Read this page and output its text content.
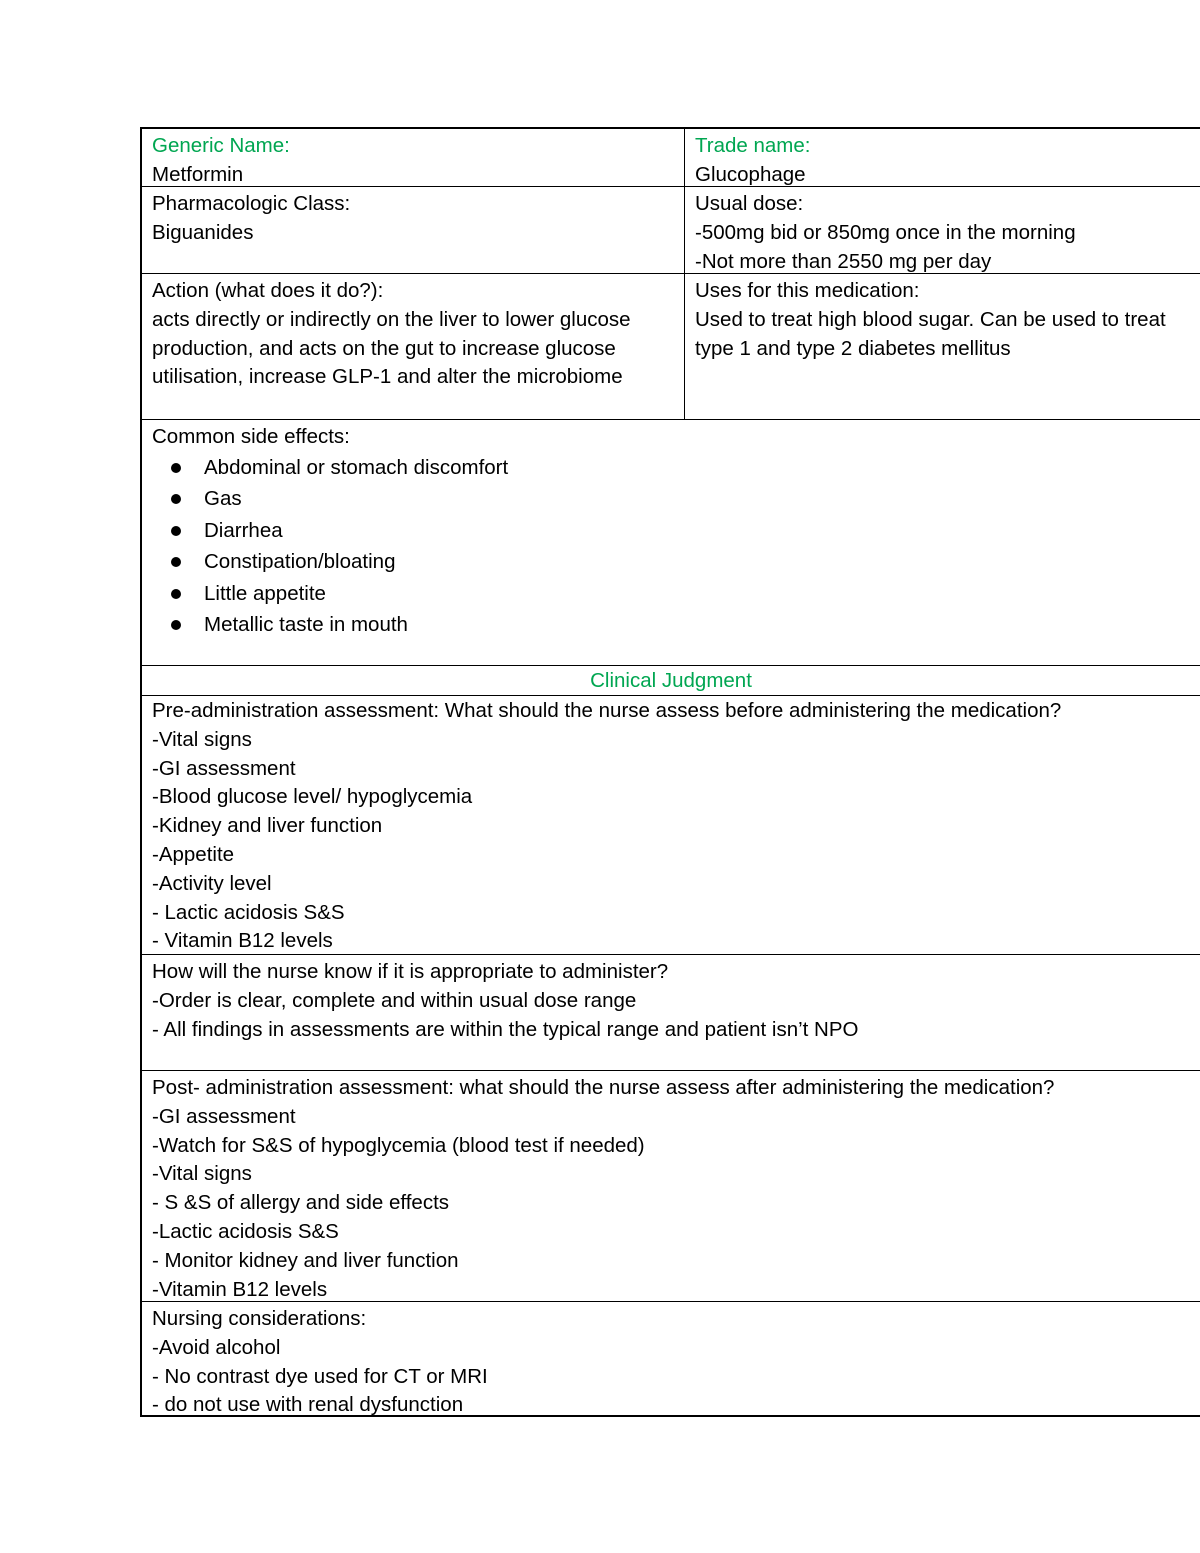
Generic Name:
Metformin
Trade name:
Glucophage
Pharmacologic Class:
Biguanides
Usual dose:
-500mg bid or 850mg once in the morning
-Not more than 2550 mg per day
Action (what does it do?):
acts directly or indirectly on the liver to lower glucose
production, and acts on the gut to increase glucose
utilisation, increase GLP-1 and alter the microbiome
Uses for this medication:
Used to treat high blood sugar. Can be used to treat
type 1 and type 2 diabetes mellitus
Common side effects:
Abdominal or stomach discomfort
Gas
Diarrhea
Constipation/bloating
Little appetite
Metallic taste in mouth
Clinical Judgment
Pre-administration assessment: What should the nurse assess before administering the medication?
-Vital signs
-GI assessment
-Blood glucose level/ hypoglycemia
-Kidney and liver function
-Appetite
-Activity level
- Lactic acidosis S&S
- Vitamin B12 levels
How will the nurse know if it is appropriate to administer?
-Order is clear, complete and within usual dose range
- All findings in assessments are within the typical range and patient isn’t NPO
Post- administration assessment: what should the nurse assess after administering the medication?
-GI assessment
-Watch for S&S of hypoglycemia (blood test if needed)
-Vital signs
- S &S of allergy and side effects
-Lactic acidosis S&S
- Monitor kidney and liver function
-Vitamin B12 levels
Nursing considerations:
-Avoid alcohol
- No contrast dye used for CT or MRI
- do not use with renal dysfunction
